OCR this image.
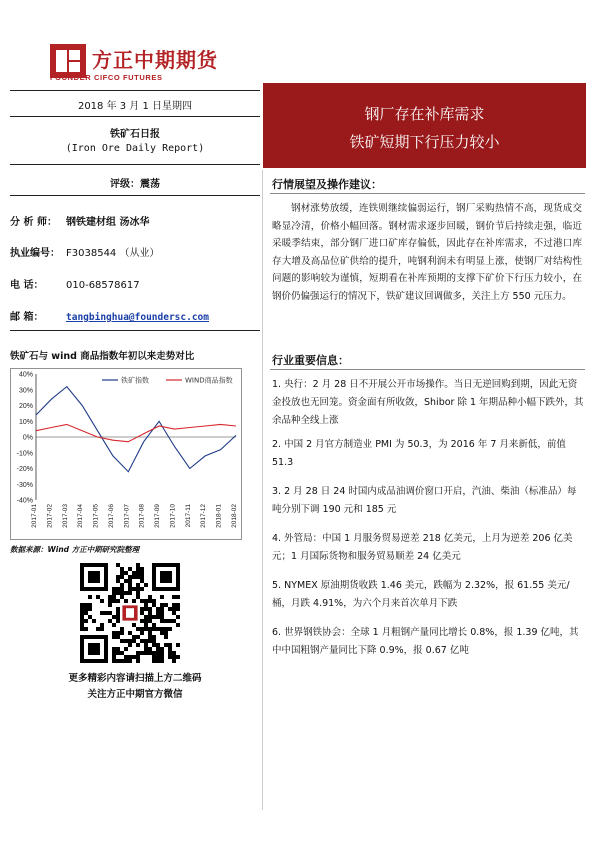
方正中期期货
FOUNDER CIFCO FUTURES
2018 年 3 月 1 日星期四
铁矿石日报
(Iron Ore Daily Report)
评级：震荡
分 析 师： 钢铁建材组 汤冰华
执业编号： F3038544 （从业）
电 话： 010-68578617
邮 箱： tangbinghua@foundersc.com
铁矿石与 wind 商品指数年初以来走势对比
40%
30%
20%
10%
0%
-10%
-20%
-30%
-40%
2017-01 2017-02 2017-03 2017-04 2017-05 2017-06 2017-07 2017-08 2017-09 2017-10 2017-11 2017-12 2018-01 2018-02
铁矿指数	WIND商品指数
数据来源：Wind 方正中期研究院整理
更多精彩内容请扫描上方二维码
关注方正中期官方微信
钢厂存在补库需求
铁矿短期下行压力较小
行情展望及操作建议：
钢材涨势放缓，连铁则继续偏弱运行，钢厂采购热情不高，现货成交略显冷清，价格小幅回落。钢材需求逐步回暖，钢价节后持续走强，临近采暖季结束，部分钢厂进口矿库存偏低，因此存在补库需求，不过港口库存大增及高品位矿供给的提升，吨钢利润未有明显上涨，使钢厂对结构性问题的影响较为谨慎，短期看在补库预期的支撑下矿价下行压力较小，在钢价仍偏强运行的情况下，铁矿建议回调做多，关注上方 550 元压力。
行业重要信息：
1. 央行：2 月 28 日不开展公开市场操作。当日无逆回购到期，因此无资金投放也无回笼。资金面有所收敛，Shibor 除 1 年期品种小幅下跌外，其余品种全线上涨
2. 中国 2 月官方制造业 PMI 为 50.3，为 2016 年 7 月来新低，前值 51.3
3. 2 月 28 日 24 时国内成品油调价窗口开启，汽油、柴油（标准品）每吨分别下调 190 元和 185 元
4. 外管局：中国 1 月服务贸易逆差 218 亿美元，上月为逆差 206 亿美元；1 月国际货物和服务贸易顺差 24 亿美元
5. NYMEX 原油期货收跌 1.46 美元，跌幅为 2.32%，报 61.55 美元/桶，月跌 4.91%，为六个月来首次单月下跌
6. 世界钢铁协会：全球 1 月粗钢产量同比增长 0.8%，报 1.39 亿吨，其中中国粗钢产量同比下降 0.9%，报 0.67 亿吨
